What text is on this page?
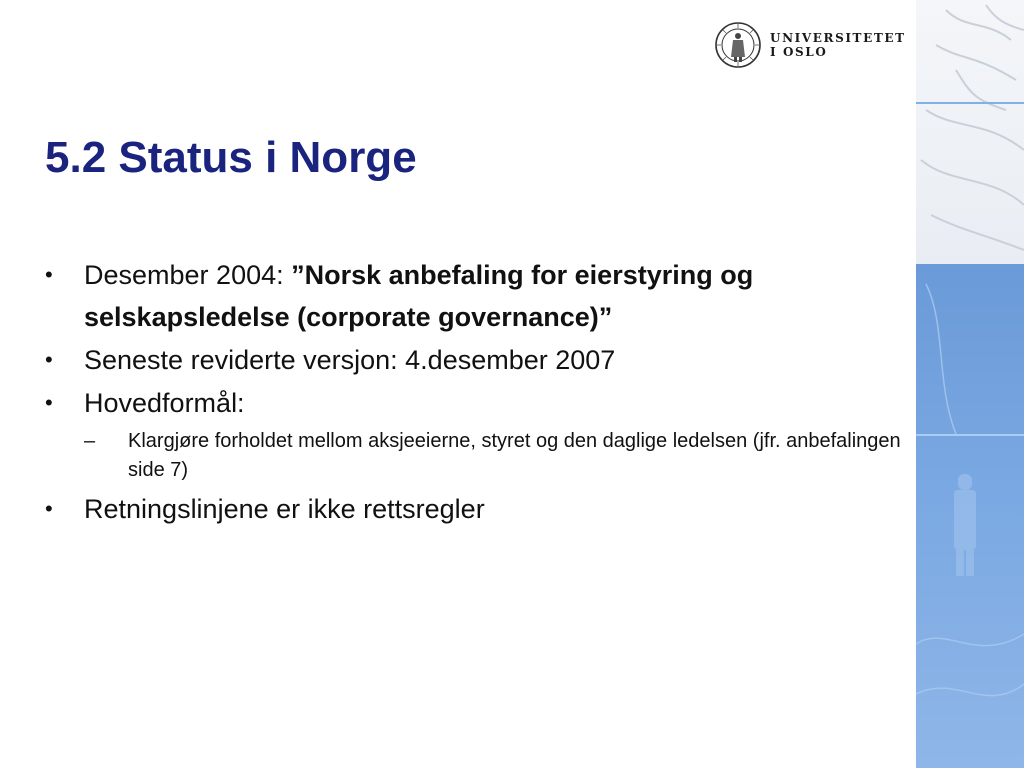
UNIVERSITETET
I OSLO
5.2 Status i Norge
•	Desember 2004: ”Norsk anbefaling for eierstyring og selskapsledelse (corporate governance)”
•	Seneste reviderte versjon: 4.desember 2007
•	Hovedformål:
– Klargjøre forholdet mellom aksjeeierne, styret og den daglige ledelsen (jfr. anbefalingen side 7)
•	Retningslinjene er ikke rettsregler
